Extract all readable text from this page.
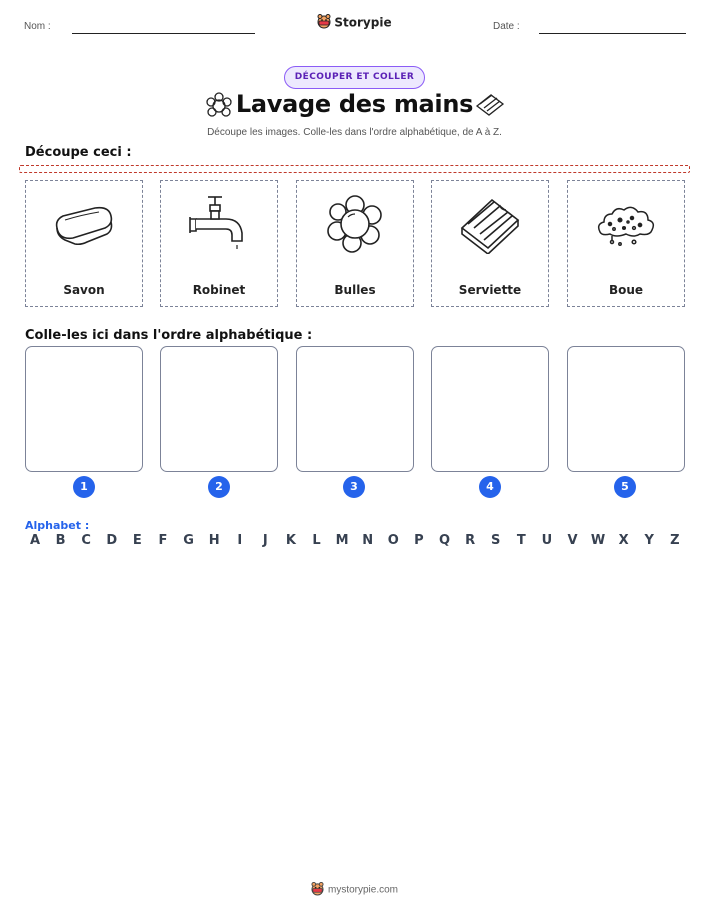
Nom :	Storypie	Date :
DÉCOUPER ET COLLER
Lavage des mains
Découpe les images. Colle-les dans l'ordre alphabétique, de A à Z.
Découpe ceci :
Savon	Robinet	Bulles	Serviette	Boue
Colle-les ici dans l'ordre alphabétique :
1	2	3	4	5
Alphabet :
A	B	C	D	E	F	G	H	I	J	K	L	M	N	O	P	Q	R	S	T	U	V	W	X	Y	Z
mystorypie.com
